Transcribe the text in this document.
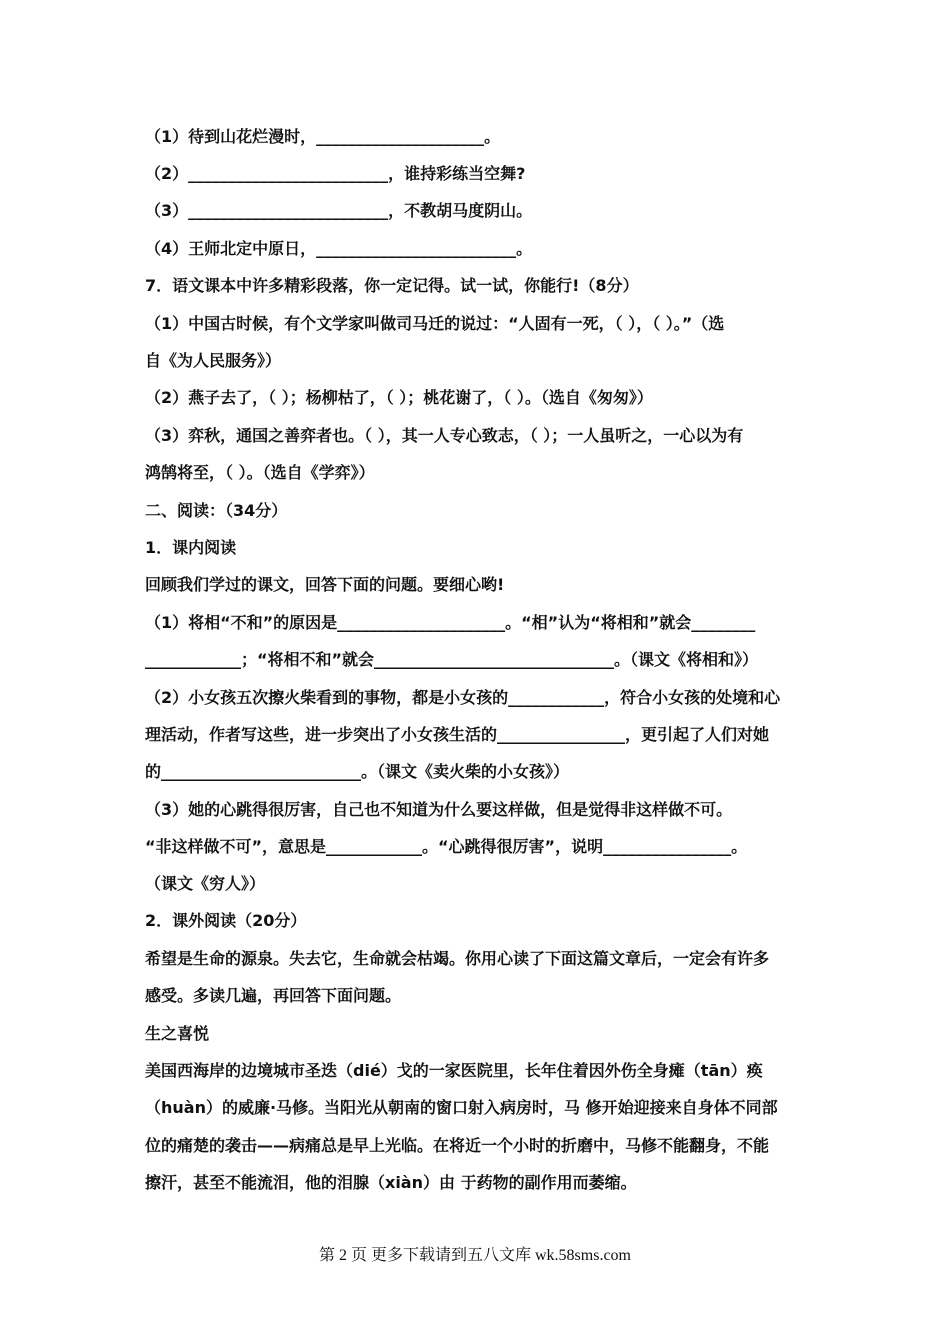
（1）待到山花烂漫时，_____________________。
（2）_________________________，谁持彩练当空舞?
（3）_________________________，不教胡马度阴山。
（4）王师北定中原日，_________________________。
7．语文课本中许多精彩段落，你一定记得。试一试，你能行!（8分）
（1）中国古时候，有个文学家叫做司马迁的说过：“人固有一死，（ ），（ ）。”（选
自《为人民服务》）
（2）燕子去了，（ ）；杨柳枯了，（ ）；桃花谢了，（ ）。（选自《匆匆》）
（3）弈秋，通国之善弈者也。（ ），其一人专心致志，（ ）；一人虽听之，一心以为有
鸿鹄将至，（ ）。（选自《学弈》）
二、阅读：（34分）
1．课内阅读
回顾我们学过的课文，回答下面的问题。要细心哟!
（1）将相“不和”的原因是_____________________。“相”认为“将相和”就会________
____________；“将相不和”就会______________________________。（课文《将相和》）
（2）小女孩五次擦火柴看到的事物，都是小女孩的____________，符合小女孩的处境和心
理活动，作者写这些，进一步突出了小女孩生活的________________，更引起了人们对她
的_________________________。（课文《卖火柴的小女孩》）
（3）她的心跳得很厉害，自己也不知道为什么要这样做，但是觉得非这样做不可。
“非这样做不可”，意思是____________。“心跳得很厉害”，说明________________。
（课文《穷人》）
2．课外阅读（20分）
希望是生命的源泉。失去它，生命就会枯竭。你用心读了下面这篇文章后，一定会有许多
感受。多读几遍，再回答下面问题。
生之喜悦
美国西海岸的边境城市圣迭（dié）戈的一家医院里，长年住着因外伤全身瘫（tān）痪
（huàn）的威廉·马修。当阳光从朝南的窗口射入病房时，马 修开始迎接来自身体不同部
位的痛楚的袭击——病痛总是早上光临。在将近一个小时的折磨中，马修不能翻身，不能
擦汗，甚至不能流泪，他的泪腺（xiàn）由 于药物的副作用而萎缩。
第 2 页 更多下载请到五八文库 wk.58sms.com
